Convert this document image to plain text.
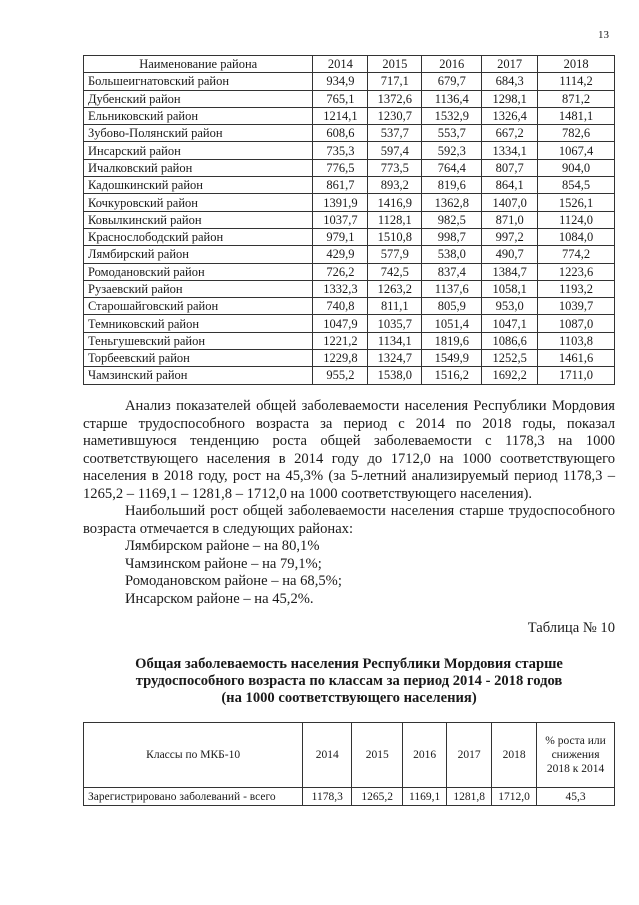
13
Наименование района	2014	2015	2016	2017	2018
Большеигнатовский район	934,9	717,1	679,7	684,3	1114,2
Дубенский район	765,1	1372,6	1136,4	1298,1	871,2
Ельниковский район	1214,1	1230,7	1532,9	1326,4	1481,1
Зубово-Полянский район	608,6	537,7	553,7	667,2	782,6
Инсарский район	735,3	597,4	592,3	1334,1	1067,4
Ичалковский район	776,5	773,5	764,4	807,7	904,0
Кадошкинский район	861,7	893,2	819,6	864,1	854,5
Кочкуровский район	1391,9	1416,9	1362,8	1407,0	1526,1
Ковылкинский район	1037,7	1128,1	982,5	871,0	1124,0
Краснослободский район	979,1	1510,8	998,7	997,2	1084,0
Лямбирский район	429,9	577,9	538,0	490,7	774,2
Ромодановский район	726,2	742,5	837,4	1384,7	1223,6
Рузаевский район	1332,3	1263,2	1137,6	1058,1	1193,2
Старошайговский район	740,8	811,1	805,9	953,0	1039,7
Темниковский район	1047,9	1035,7	1051,4	1047,1	1087,0
Теньгушевский район	1221,2	1134,1	1819,6	1086,6	1103,8
Торбеевский район	1229,8	1324,7	1549,9	1252,5	1461,6
Чамзинский район	955,2	1538,0	1516,2	1692,2	1711,0

Анализ показателей общей заболеваемости населения Республики Мордовия старше трудоспособного возраста за период с 2014 по 2018 годы, показал наметившуюся тенденцию роста общей заболеваемости с 1178,3 на 1000 соответствующего населения в 2014 году до 1712,0 на 1000 соответствующего населения в 2018 году, рост на 45,3% (за 5-летний анализируемый период 1178,3 – 1265,2 – 1169,1 – 1281,8 – 1712,0 на 1000 соответствующего населения).

Наибольший рост общей заболеваемости населения старше трудоспособного возраста отмечается в следующих районах:

Лямбирском районе – на 80,1%

Чамзинском районе – на 79,1%;

Ромодановском районе – на 68,5%;

Инсарском районе – на 45,2%.

Таблица № 10
Общая заболеваемость населения Республики Мордовия старше
трудоспособного возраста по классам за период 2014 - 2018 годов
(на 1000 соответствующего населения)
Классы по МКБ-10	2014	2015	2016	2017	2018	% роста или снижения 2018 к 2014
Зарегистрировано заболеваний - всего	1178,3	1265,2	1169,1	1281,8	1712,0	45,3
